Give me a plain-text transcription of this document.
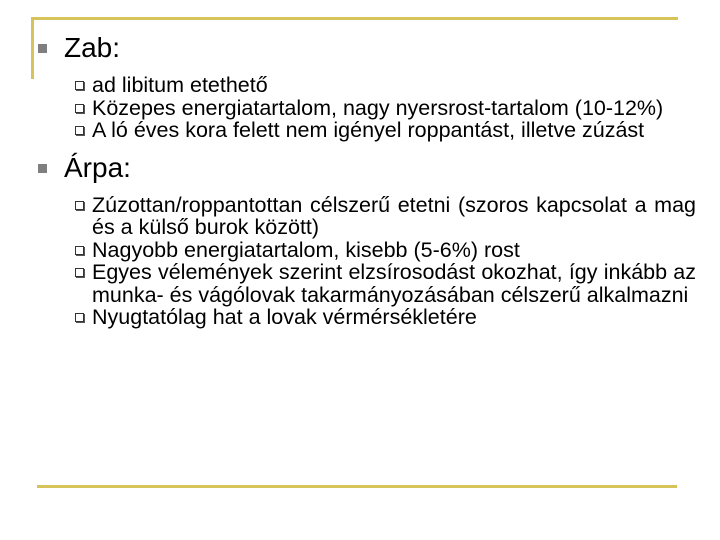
Zab:
ad libitum etethető
Közepes energiatartalom, nagy nyersrost-tartalom (10-12%)
A ló éves kora felett nem igényel roppantást, illetve zúzást
Árpa:
Zúzottan/roppantottan célszerű etetni (szoros kapcsolat a mag és a külső burok között)
Nagyobb energiatartalom, kisebb (5-6%) rost
Egyes vélemények szerint elzsírosodást okozhat, így inkább az munka- és vágólovak takarmányozásában célszerű alkalmazni
Nyugtatólag hat a lovak vérmérsékletére
